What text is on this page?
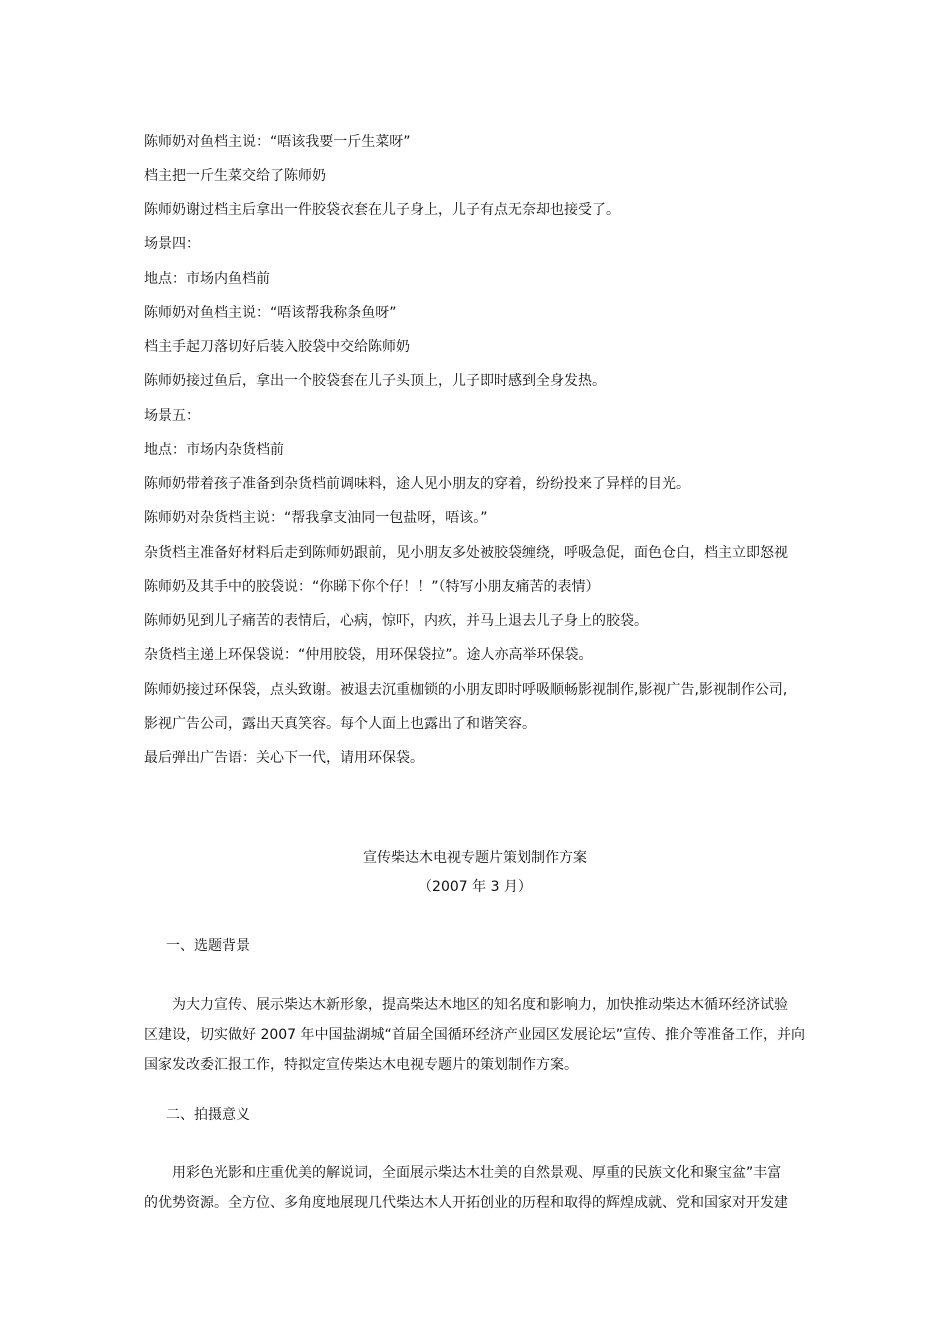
陈师奶对鱼档主说：“唔该我要一斤生菜呀”

档主把一斤生菜交给了陈师奶

陈师奶谢过档主后拿出一件胶袋衣套在儿子身上，儿子有点无奈却也接受了。

场景四：

地点：市场内鱼档前

陈师奶对鱼档主说：“唔该帮我称条鱼呀”

档主手起刀落切好后装入胶袋中交给陈师奶

陈师奶接过鱼后，拿出一个胶袋套在儿子头顶上，儿子即时感到全身发热。

场景五：

地点：市场内杂货档前

陈师奶带着孩子准备到杂货档前调味料，途人见小朋友的穿着，纷纷投来了异样的目光。

陈师奶对杂货档主说：“帮我拿支油同一包盐呀，唔该。”

杂货档主准备好材料后走到陈师奶跟前，见小朋友多处被胶袋缠绕，呼吸急促，面色仓白，档主立即怒视

陈师奶及其手中的胶袋说：“你睇下你个仔！！”（特写小朋友痛苦的表情）

陈师奶见到儿子痛苦的表情后，心病，惊吓，内疚，并马上退去儿子身上的胶袋。

杂货档主递上环保袋说：“仲用胶袋，用环保袋拉”。途人亦高举环保袋。

陈师奶接过环保袋，点头致谢。被退去沉重枷锁的小朋友即时呼吸顺畅影视制作,影视广告,影视制作公司,

影视广告公司，露出天真笑容。每个人面上也露出了和谐笑容。

最后弹出广告语：关心下一代，请用环保袋。

宣传柴达木电视专题片策划制作方案

（2007 年 3 月）

一、选题背景

为大力宣传、展示柴达木新形象，提高柴达木地区的知名度和影响力，加快推动柴达木循环经济试验

区建设，切实做好 2007 年中国盐湖城“首届全国循环经济产业园区发展论坛”宣传、推介等准备工作，并向

国家发改委汇报工作，特拟定宣传柴达木电视专题片的策划制作方案。

二、拍摄意义

用彩色光影和庄重优美的解说词，全面展示柴达木壮美的自然景观、厚重的民族文化和聚宝盆”丰富

的优势资源。全方位、多角度地展现几代柴达木人开拓创业的历程和取得的辉煌成就、党和国家对开发建
